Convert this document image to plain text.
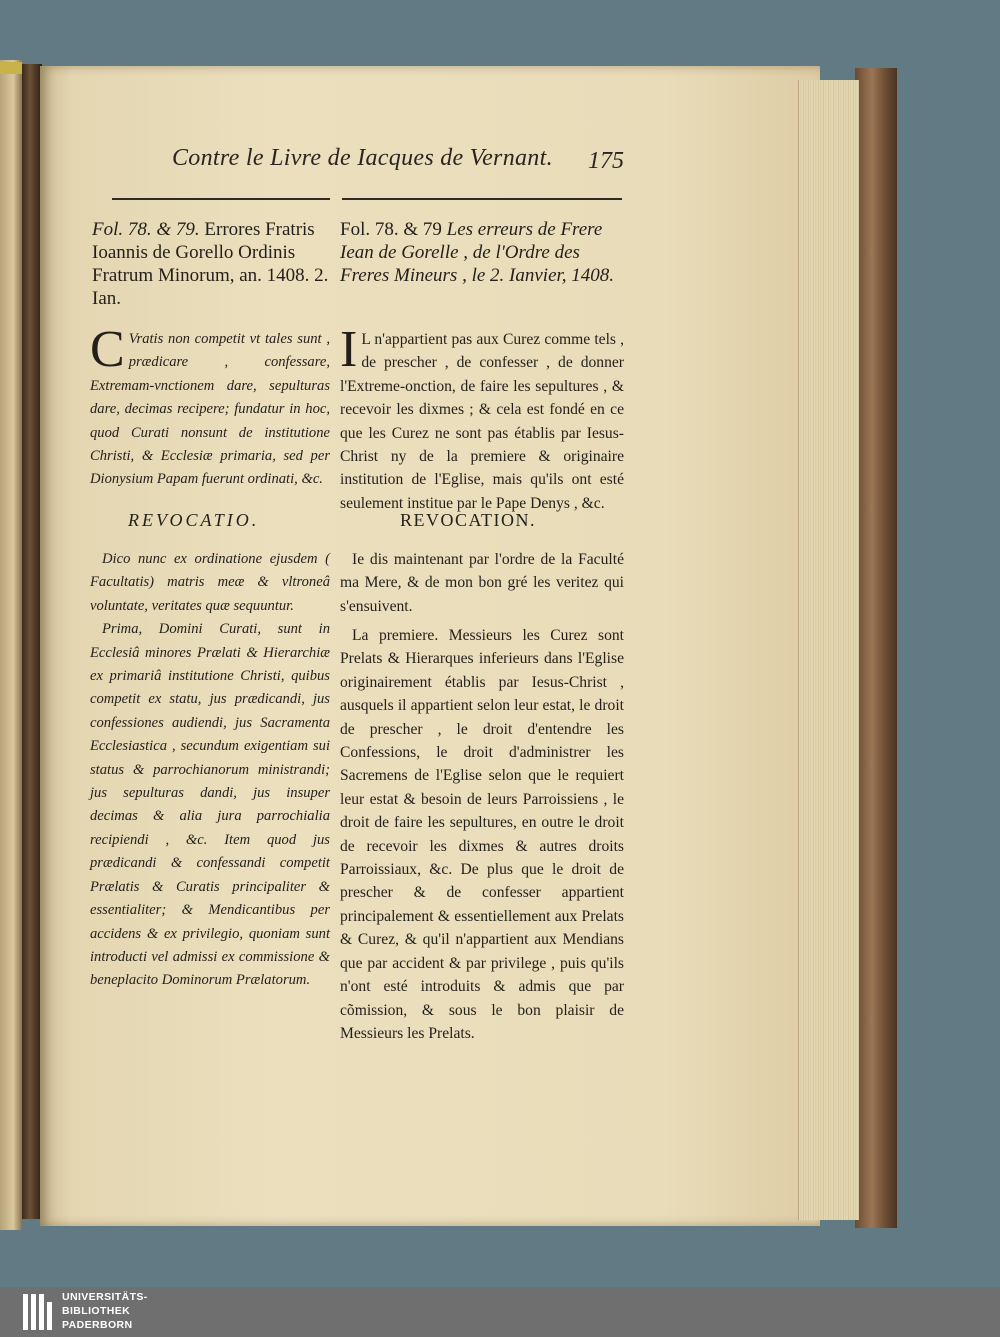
Contre le Livre de Iacques de Vernant.	175
Fol. 78. & 79. Errores Fratris Ioannis de Gorello Ordinis Fratrum Minorum, an. 1408. 2. Ian.
Fol. 78. & 79 Les erreurs de Frere Iean de Gorelle , de l'Ordre des Freres Mineurs , le 2. Ianvier, 1408.
C Vratis non competit vt tales sunt , prædicare , confessare, Extremam-vnctionem dare, sepulturas dare, decimas recipere; fundatur in hoc, quod Curati nonsunt de institutione Christi, & Ecclesiæ primaria, sed per Dionysium Papam fuerunt ordinati, &c.
I L n'appartient pas aux Curez comme tels , de prescher , de confesser , de donner l'Extreme-onction, de faire les sepultures , & recevoir les dixmes ; & cela est fondé en ce que les Curez ne sont pas établis par Iesus-Christ ny de la premiere & originaire institution de l'Eglise, mais qu'ils ont esté seulement institue par le Pape Denys , &c.
REVOCATIO.	REVOCATION.

Dico nunc ex ordinatione ejusdem ( Facultatis) matris meæ & vltroneâ voluntate, veritates quæ sequuntur.

Prima, Domini Curati, sunt in Ecclesiâ minores Prælati & Hierarchiæ ex primariâ institutione Christi, quibus competit ex statu, jus prædicandi, jus confessiones audiendi, jus Sacramenta Ecclesiastica , secundum exigentiam sui status & parrochianorum ministrandi; jus sepulturas dandi, jus insuper decimas & alia jura parrochialia recipiendi , &c. Item quod jus prædicandi & confessandi competit Prælatis & Curatis principaliter & essentialiter; & Mendicantibus per accidens & ex privilegio, quoniam sunt introducti vel admissi ex commissione & beneplacito Dominorum Prælatorum.

Ie dis maintenant par l'ordre de la Faculté ma Mere, & de mon bon gré les veritez qui s'ensuivent.

La premiere. Messieurs les Curez sont Prelats & Hierarques inferieurs dans l'Eglise originairement établis par Iesus-Christ , ausquels il appartient selon leur estat, le droit de prescher , le droit d'entendre les Confessions, le droit d'administrer les Sacremens de l'Eglise selon que le requiert leur estat & besoin de leurs Parroissiens , le droit de faire les sepultures, en outre le droit de recevoir les dixmes & autres droits Parroissiaux, &c. De plus que le droit de prescher & de confesser appartient principalement & essentiellement aux Prelats & Curez, & qu'il n'appartient aux Mendians que par accident & par privilege , puis qu'ils n'ont esté introduits & admis que par cõmission, & sous le bon plaisir de Messieurs les Prelats.

UNIVERSITÄTS-
BIBLIOTHEK
PADERBORN
